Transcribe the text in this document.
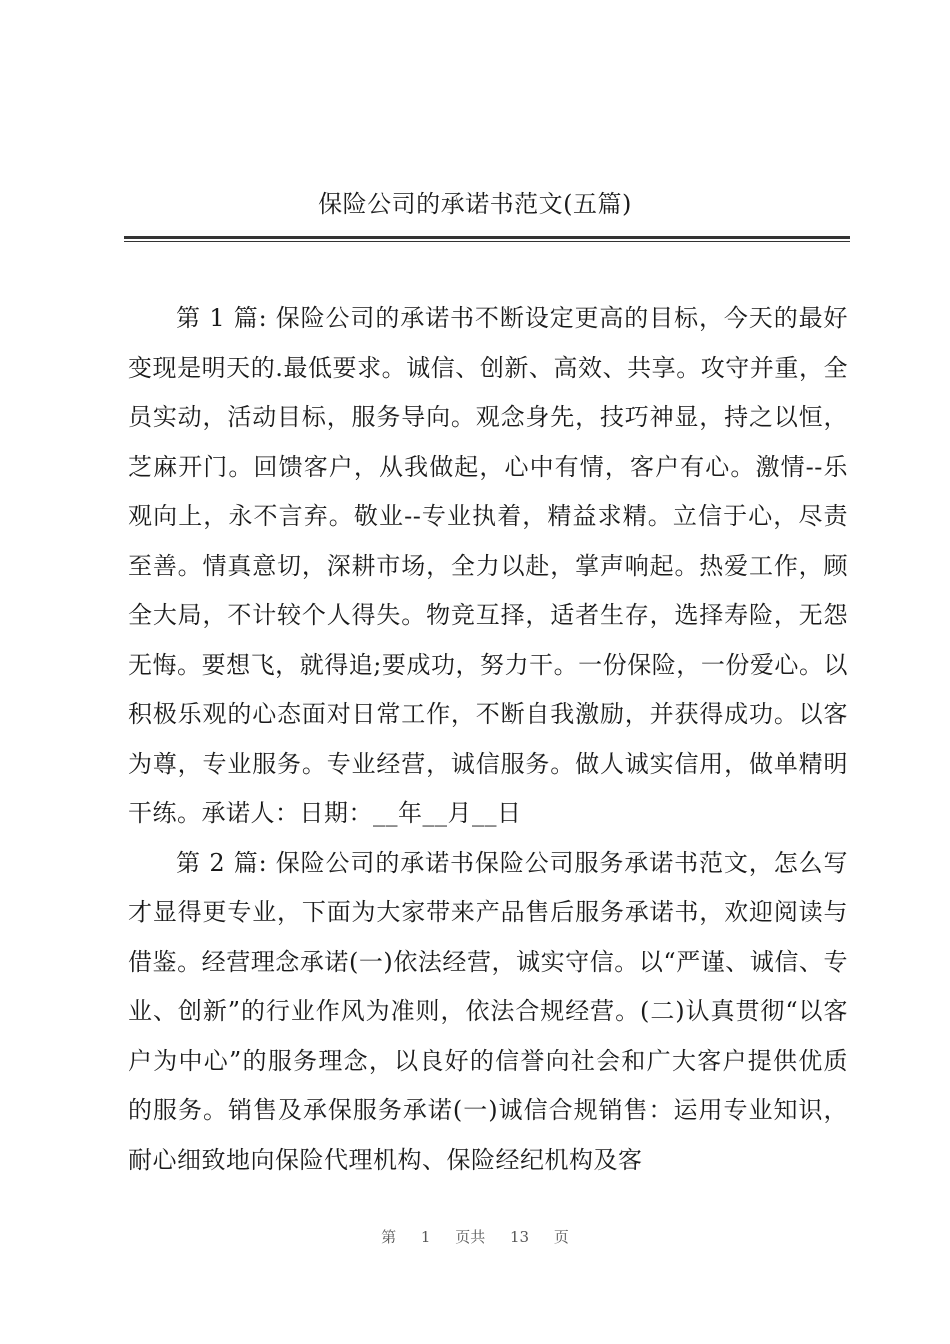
保险公司的承诺书范文(五篇)

第 1 篇: 保险公司的承诺书不断设定更高的目标，今天的最好变现是明天的.最低要求。诚信、创新、高效、共享。攻守并重，全员实动，活动目标，服务导向。观念身先，技巧神显，持之以恒，芝麻开门。回馈客户，从我做起，心中有情，客户有心。激情--乐观向上，永不言弃。敬业--专业执着，精益求精。立信于心，尽责至善。情真意切，深耕市场，全力以赴，掌声响起。热爱工作，顾全大局，不计较个人得失。物竞互择，适者生存，选择寿险，无怨无悔。要想飞，就得追;要成功，努力干。一份保险，一份爱心。以积极乐观的心态面对日常工作，不断自我激励，并获得成功。以客为尊，专业服务。专业经营，诚信服务。做人诚实信用，做单精明干练。承诺人：日期：__年__月__日

第 2 篇: 保险公司的承诺书保险公司服务承诺书范文，怎么写才显得更专业，下面为大家带来产品售后服务承诺书，欢迎阅读与借鉴。经营理念承诺(一)依法经营，诚实守信。以“严谨、诚信、专业、创新”的行业作风为准则，依法合规经营。(二)认真贯彻“以客户为中心”的服务理念，以良好的信誉向社会和广大客户提供优质的服务。销售及承保服务承诺(一)诚信合规销售：运用专业知识，耐心细致地向保险代理机构、保险经纪机构及客

第 1 页共 13 页
